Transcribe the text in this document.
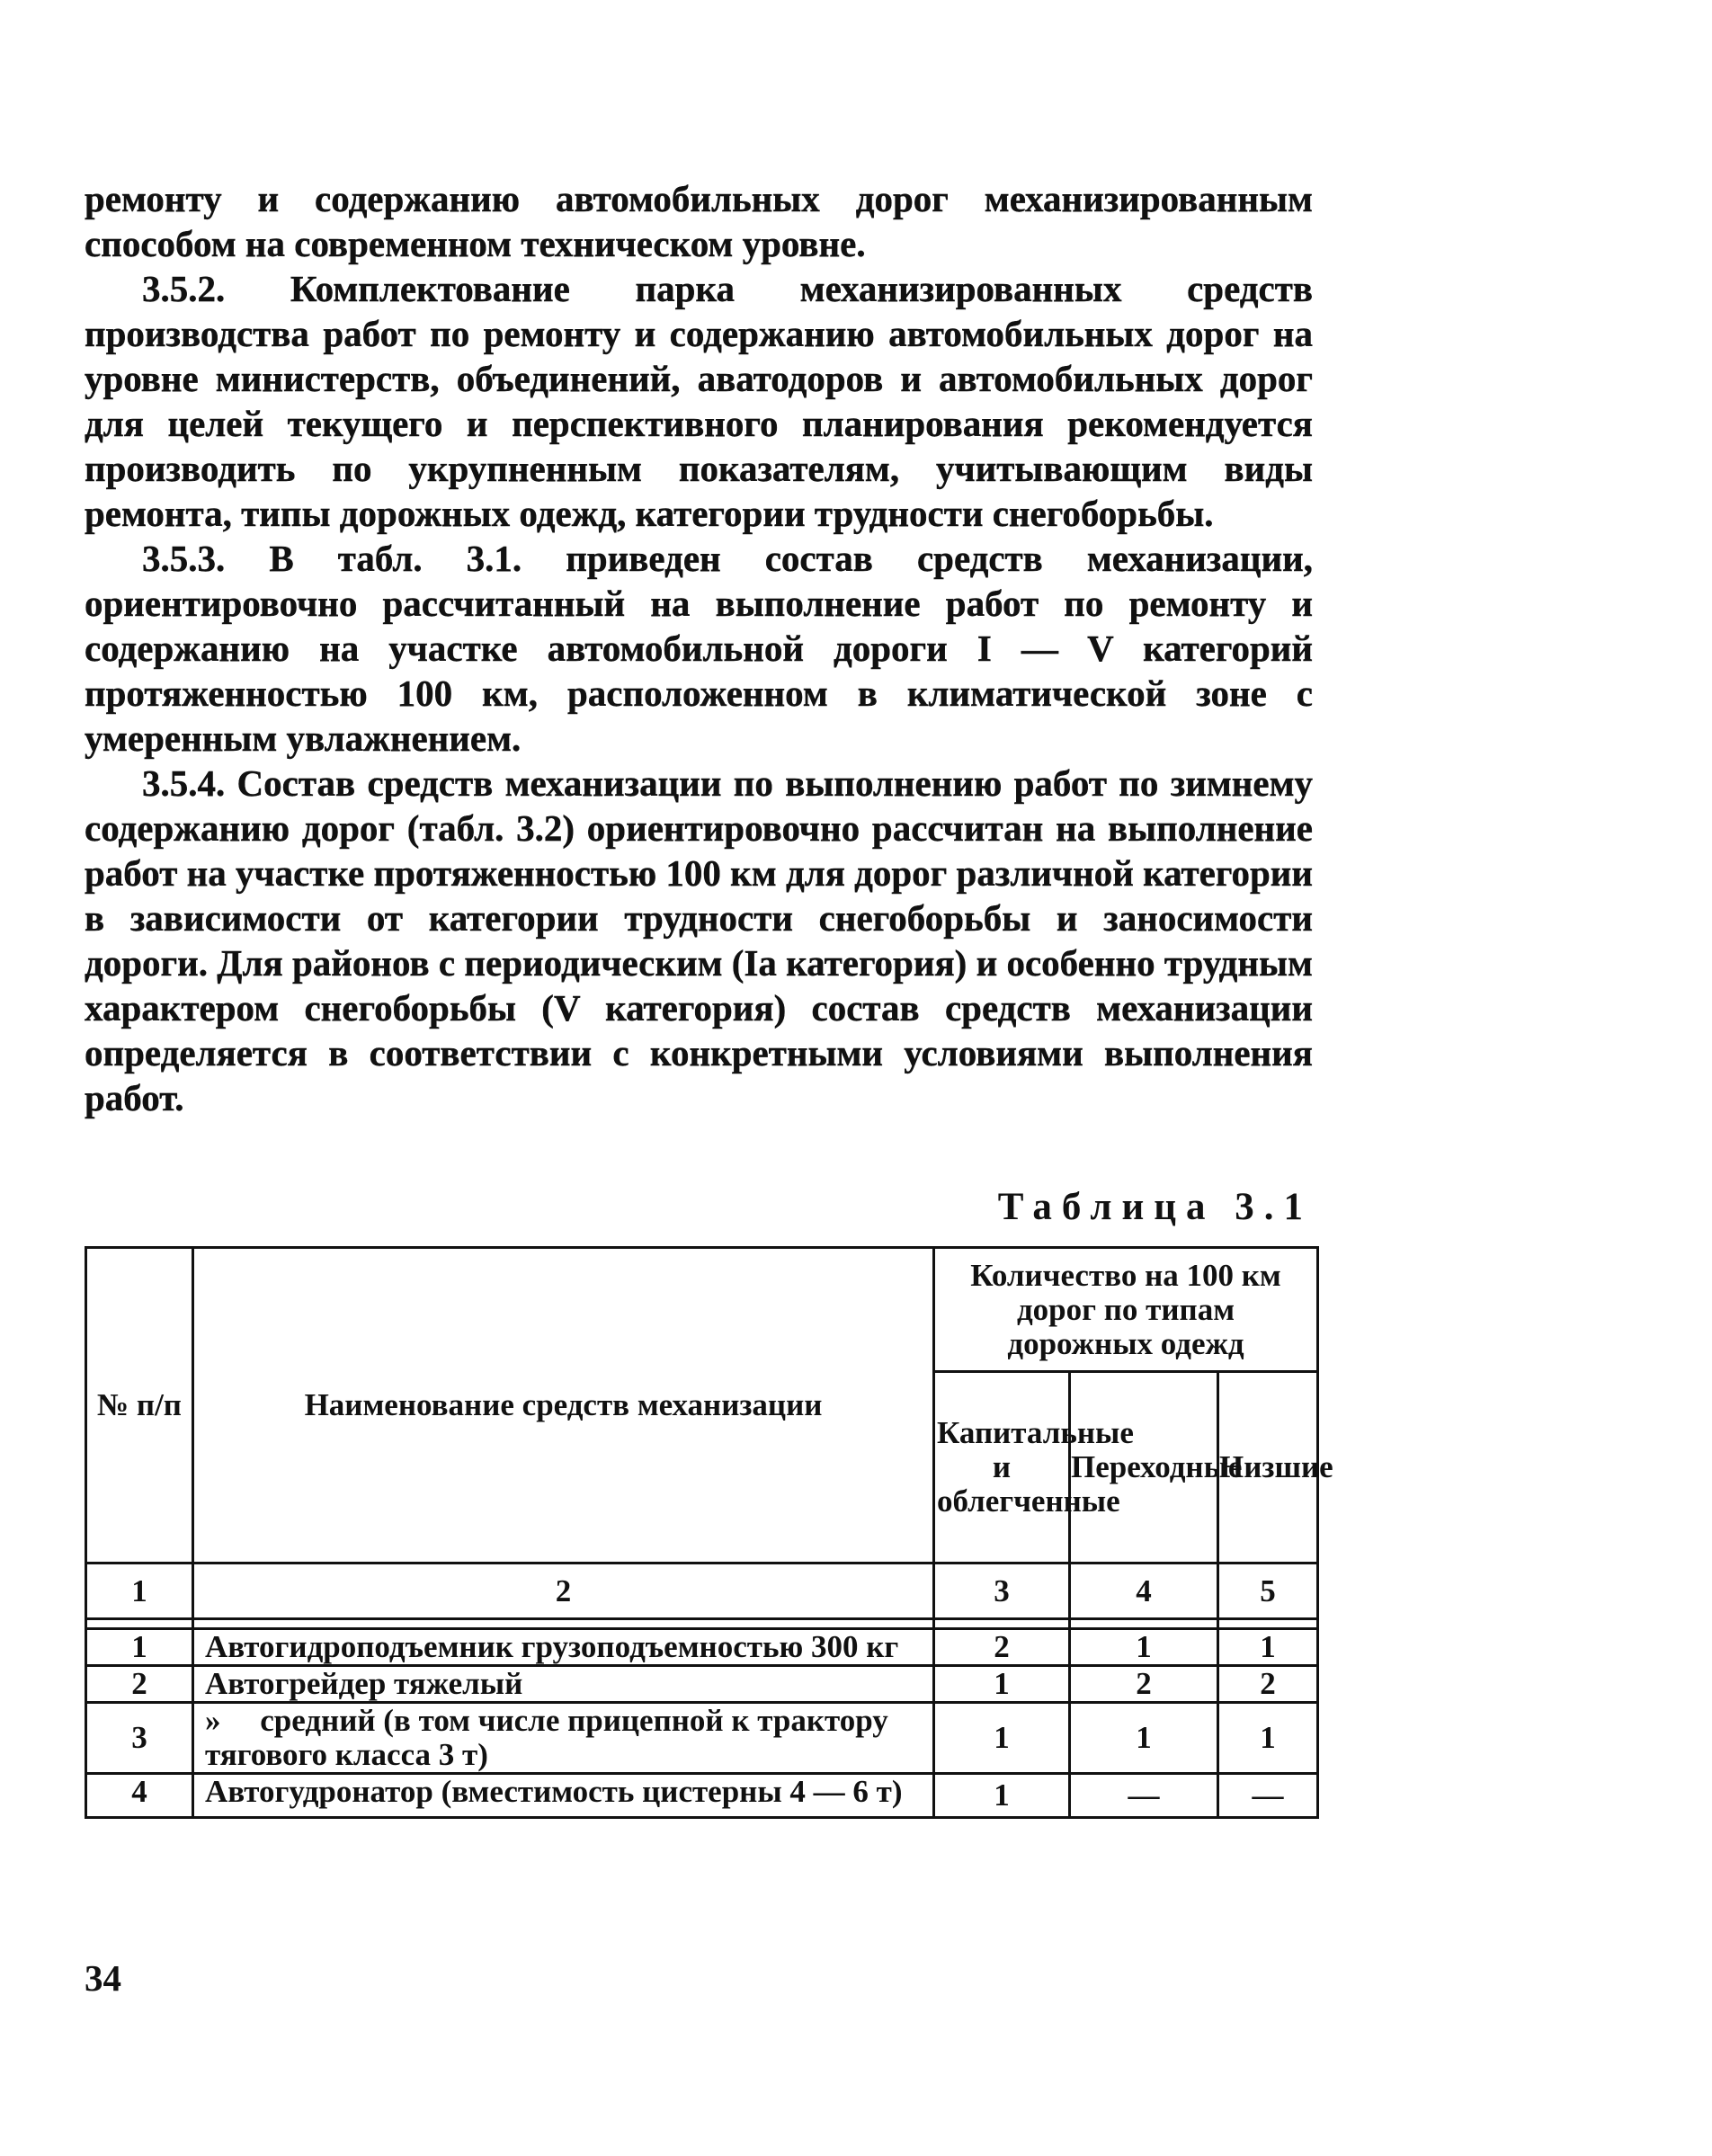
ремонту и содержанию автомобильных дорог механизированным способом на современном техническом уровне.

3.5.2. Комплектование парка механизированных средств производства работ по ремонту и содержанию автомобильных дорог на уровне министерств, объединений, аватодоров и автомобильных дорог для целей текущего и перспективного планирования рекомендуется производить по укрупненным показателям, учитывающим виды ремонта, типы дорожных одежд, категории трудности снегоборьбы.

3.5.3. В табл. 3.1. приведен состав средств механизации, ориентировочно рассчитанный на выполнение работ по ремонту и содержанию на участке автомобильной дороги I — V категорий протяженностью 100 км, расположенном в климатической зоне с умеренным увлажнением.

3.5.4. Состав средств механизации по выполнению работ по зимнему содержанию дорог (табл. 3.2) ориентировочно рассчитан на выполнение работ на участке протяженностью 100 км для дорог различной категории в зависимости от категории трудности снегоборьбы и заносимости дороги. Для районов с периодическим (Ia категория) и особенно трудным характером снегоборьбы (V категория) состав средств механизации определяется в соответствии с конкретными условиями выполнения работ.

Таблица 3.1
№ п/п	Наименование средств механизации	Количество на 100 км дорог по типам дорожных одежд		
		Капитальные и облегченные	Переходные	Низшие
1	2	3	4	5

1	Автогидроподъемник грузоподъемностью 300 кг	2	1	1
2	Автогрейдер тяжелый	1	2	2
3	»     средний (в том числе прицепной к трактору тягового класса 3 т)	1	1	1
4	Автогудронатор (вместимость цистерны 4 — 6 т)	1	—	—
34
